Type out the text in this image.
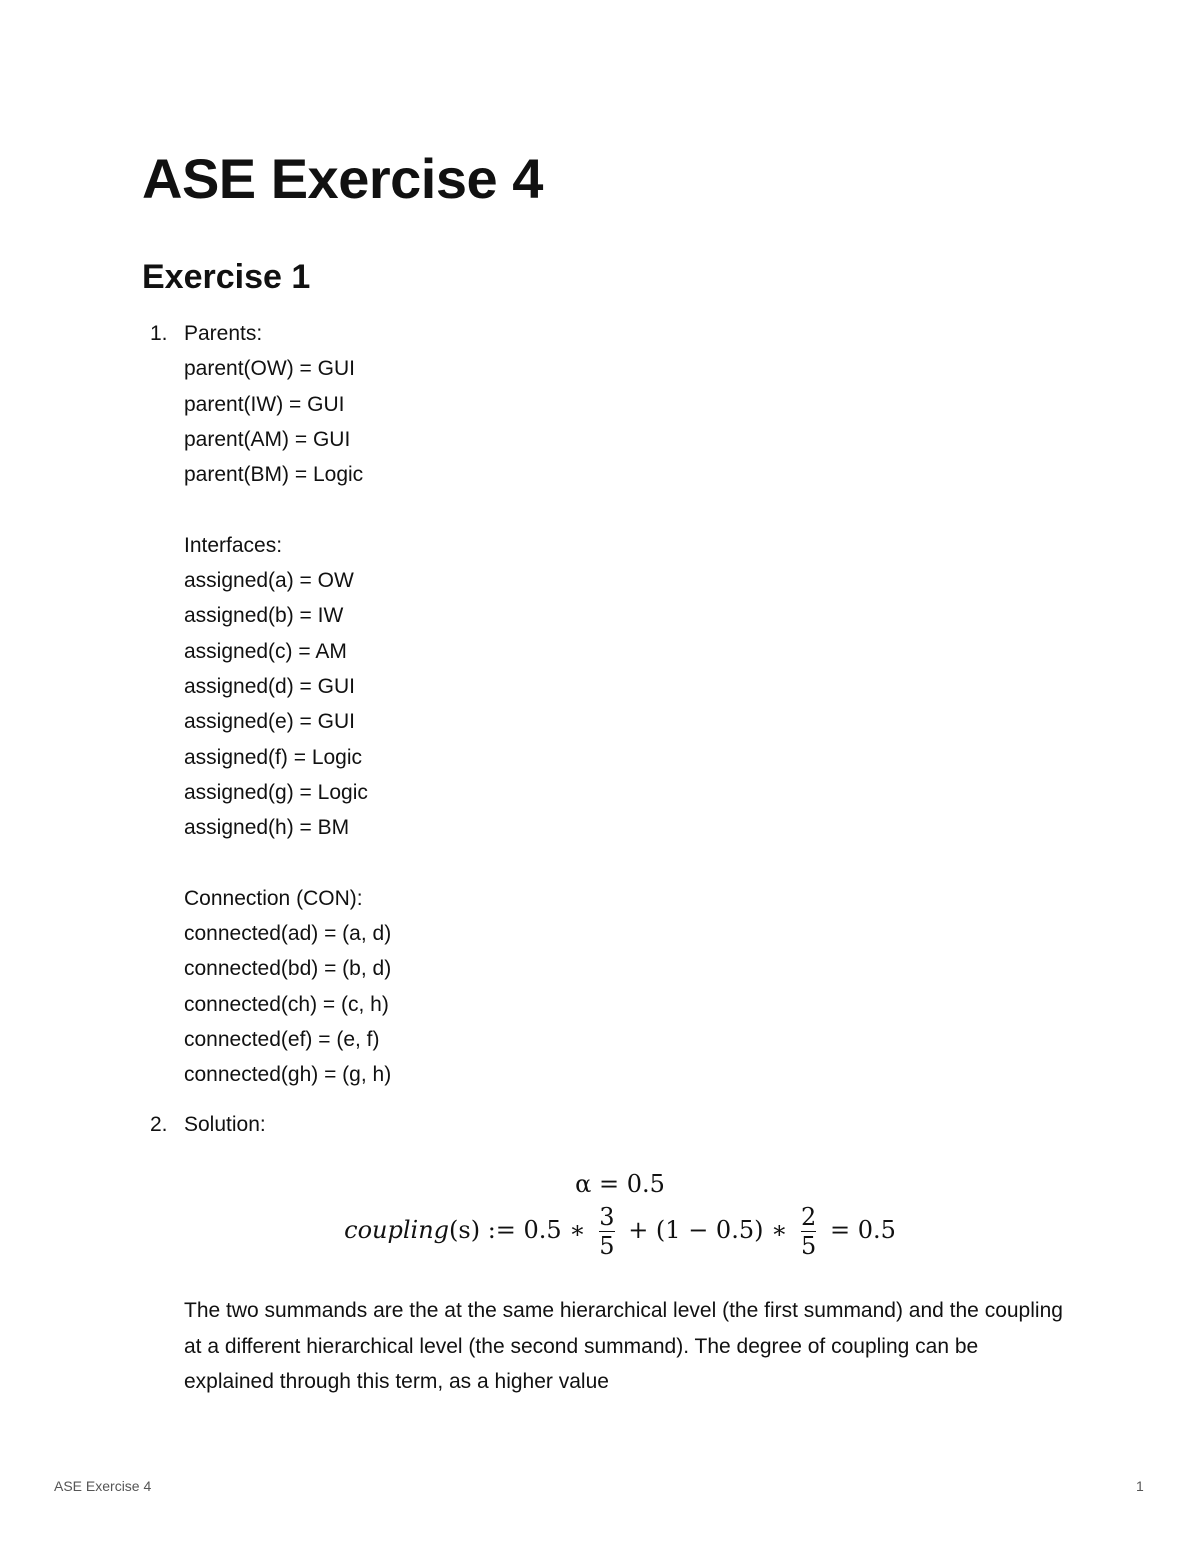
ASE Exercise 4
Exercise 1
1. Parents:
parent(OW) = GUI
parent(IW) = GUI
parent(AM) = GUI
parent(BM) = Logic
Interfaces:
assigned(a) = OW
assigned(b) = IW
assigned(c) = AM
assigned(d) = GUI
assigned(e) = GUI
assigned(f) = Logic
assigned(g) = Logic
assigned(h) = BM
Connection (CON):
connected(ad) = (a, d)
connected(bd) = (b, d)
connected(ch) = (c, h)
connected(ef) = (e, f)
connected(gh) = (g, h)
2. Solution:
α = 0.5
coupling(s) := 0.5 ∗ $\frac{3}{5} + (1 - 0.5)$ ∗ $\frac{2}{5} = 0.5$

The two summands are the at the same hierarchical level (the first summand) and the coupling at a different hierarchical level (the second summand). The degree of coupling can be explained through this term, as a higher value

ASE Exercise 4	1
